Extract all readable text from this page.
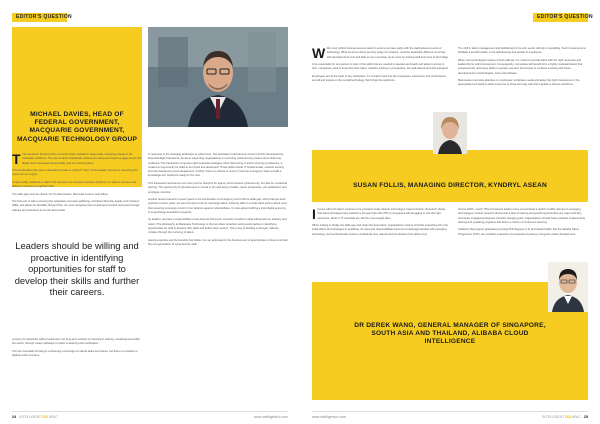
EDITOR'S QUESTION
MICHAEL DAVIES, HEAD OF FEDERAL GOVERNMENT, MACQUARIE GOVERNMENT, MACQUARIE TECHNOLOGY GROUP

T The pandemic forced a chain of events which resulted in large-scale, sweeping change in the Australian workforce. The rate at which individuals, businesses and governments engage across the digital realm increased exponentially, and isn't slowing down.

This acceleration has seen a dramatic increase in critical IT roles. Unfortunately, demand is everything but 'green' for our supply.

A high-quality workforce is vital to the success of a company and also critical to our nation's success and ability to compete on a global scale.

The skills gap must be closed, but it's downstream. Band-aid nurture must follow.

The first port of call is ensuring the workplace promotes wellbeing, prioritises Diversity, Equity and Inclusion (DEI), and allows for flexibility. Beyond this, we must recognise that competing for limited resources through salaries and incentives is not the silver bullet.

Leaders should be willing and proactive in identifying opportunities for staff to develop their skills and further their careers.

country of productivity within businesses, the long-term solution is investing in training, vocational and within the sector, through career pathways to better to learning and certification.

The four Australian Nursing is confronting a shortage of cultural tasks and issues, but there is a solution to address both concerns.

In response to the changing landscape of cybercrime, The Australian Cybersecurity Centre (ACSC) developed the Essential Eight framework, aimed at supporting organisations in improving cybersecurity posture and enhancing resilience. The framework comprises eight essential strategies. More than being crucial in shoring up defences, it creates an opportunity for skills to be honed and developed. Those skills include IT fundamentals, network security and risk assessment and management. Further, there's a chance to move IT past the emergency state to build a knowledge-rich workforce ready for the next.

This framework represents more than just the blueprint for agency and business cybersecurity, but also for vocational training. The opportunity for development is crucial to the well-being of skills, career progression, job satisfaction and employee retention.

Another lesson learned in recent years is the combination of emergency tool to fill the skills gap. More that has been pushed in recent years, we were forced to look for sovereign talent, fostering skills in a local talent pool is about more than ensuring sovereign control of our defence against vulnerabilities. It's also about building a local digital economy to supercharge Australia's prosperity.

As leaders, we have a responsibility to look beyond short-term company benefits to what will benefit our industry and nation. The philosophy at Macquarie Technology is that we share proactive vetting and practice in identifying opportunities for staff to develop their skills and further their careers. This is key to building a stronger national mindset through the nurturing of talent.

Having expertise and the benefits that follow, I am an advocate for the development of opportunities to foster and train the next generation of cybersecurity staff.

24 INTELLIGENT CIO APAC	www.intelligentcio.com
EDITOR'S QUESTION

W We must rethink how we execute talent to ensure we have parity with the rapid advancements of technology. What we know about security today, for instance, could be drastically different tomorrow, with developments in AI and data so we must keep up as more by training staff and more to the bridge.

AI is a specialist for one person in topic of the skills that are needed to develop and teach and adopt it across in tech, companies need to know that their talent, whether existing or prospective, are well-trained and well-equipped.

Employees are at the heart of any workplace. It's crucial to look into the employees' experience and performance and all and impact on the overall technology that brings the workforce.

The shift in talent management and facilitating for the tech sector will rely on upskilling. Such investments to facilitate a transformation in the skill learning and growth of employees.

When new technologies require a fresh skill set, it's crucial to provide talent with the right resources and leadership for self-improvement. Consequently, companies will benefit from a highly motivated talent that possesses the necessary skills to operate new tech and ensure to continue evolving with future developments in technologies, tools and software.

Businesses must stay attentive on employees' workplace needs and adopt the right investments in the appropriate tech stack to allow everyone to thrive and stay well and maintain a diverse workforce.

SUSAN FOLLIS, MANAGING DIRECTOR, KYNDRYL ASEAN

I Issues with tech talent continue to be prevalent today despite technology's rapid evolution. Research shows that talent shortages have reached a 16-year high with 75% of companies still struggling to hire the right personnel. Roles in IT and Data are still the most sought after.

When looking to bridge the skills gap and retain the best talent, organisations need to prioritise everything from the initial efforts and strategies or upskilling. As roles and responsibilities become increasingly blended with emerging technology, tech professionals need to consistently stay relevant and be ahead of the skills curve.

Across APAC, nearly 75% of business leaders have encountered a dearth of skills relevant to emerging technologies. Further research shows that a lack of training and growth opportunities are major and why previously engaged employees consider changing jobs. Organisations should have proactive implementing training and upskilling programs that foster a culture of continuous learning.

Initiatives that support graduates pursuing PhD degrees in AI and related fields, like the Alibaba Talent Programme (ATP), are excellent examples of companies investing in long-term talent development.

DR DEREK WANG, GENERAL MANAGER OF SINGAPORE, SOUTH ASIA AND THAILAND, ALIBABA CLOUD INTELLIGENCE
www.intelligentcio.com	INTELLIGENT CIO APAC 25
